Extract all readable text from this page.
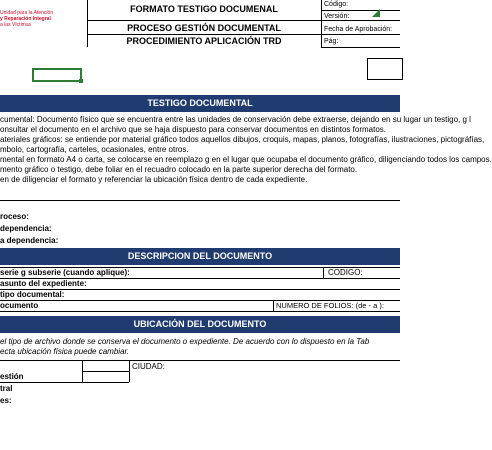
Unidad para la Atención
y Reparación Integral
a las Víctimas
FORMATO TESTIGO DOCUMENAL
PROCESO GESTIÓN DOCUMENTAL
PROCEDIMIENTO APLICACIÓN TRD
Código:
Versión:
Fecha de Aprobación:
Pág:
TESTIGO DOCUMENTAL
cumental: Documento físico que se encuentra entre las unidades de conservación debe extraerse, dejando en su lugar un testigo, g l
onsultar el documento en el archivo que se haja dispuesto para conservar documentos en distintos formatos.
ateriales gráficos: se entiende por material gráfico todos aquellos dibujos, croquis, mapas, planos, fotografías, ilustraciones, pictográfías,
mbolo, cartografía, carteles, ocasionales, entre otros.
mental en formato A4 o carta, se colocarse en reemplazo g en el lugar que ocupaba el documento gráfico, diligenciando todos los campos.
mento gráfico o testigo, debe foliar en el recuadro colocado en la parte superior derecha del formato.
en de diligenciar el formato y referenciar la ubicación física dentro de cada expediente.
roceso:
dependencia:
a dependencia:
DESCRIPCION DEL DOCUMENTO
serie g subserie (cuando aplique):	CODIGO:
asunto del expediente:
tipo documental:
ocumento	NUMERO DE FOLIOS: (de - a ):
UBICACIÓN DEL DOCUMENTO
el tipo de archivo donde se conserva el documento o expediente. De acuerdo con lo dispuesto en la Tab
ecta ubicación física puede cambiar.
CIUDAD:
estión
tral
es:
